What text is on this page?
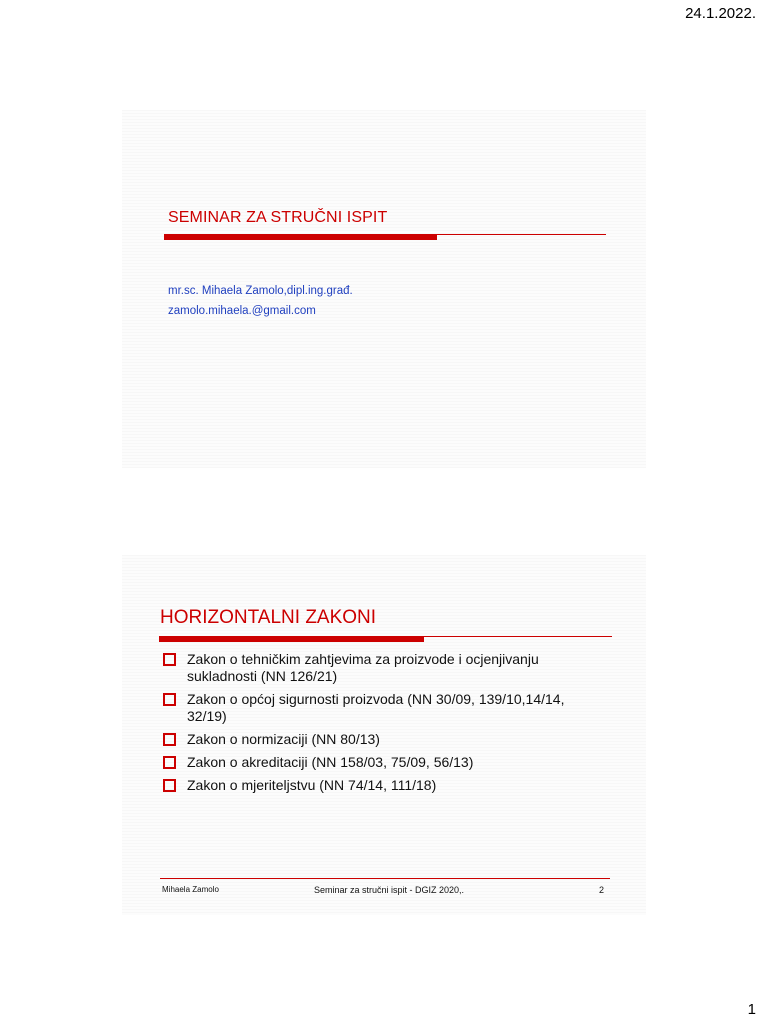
24.1.2022.
SEMINAR ZA STRUČNI ISPIT
mr.sc. Mihaela Zamolo,dipl.ing.građ.
zamolo.mihaela.@gmail.com
HORIZONTALNI ZAKONI
Zakon o tehničkim zahtjevima za proizvode i ocjenjivanju sukladnosti (NN 126/21)
Zakon o općoj sigurnosti proizvoda (NN 30/09, 139/10,14/14, 32/19)
Zakon o normizaciji (NN 80/13)
Zakon o akreditaciji (NN 158/03, 75/09, 56/13)
Zakon o mjeriteljstvu (NN 74/14, 111/18)
Mihaela Zamolo	Seminar za stručni ispit - DGIZ 2020,.	2
1
